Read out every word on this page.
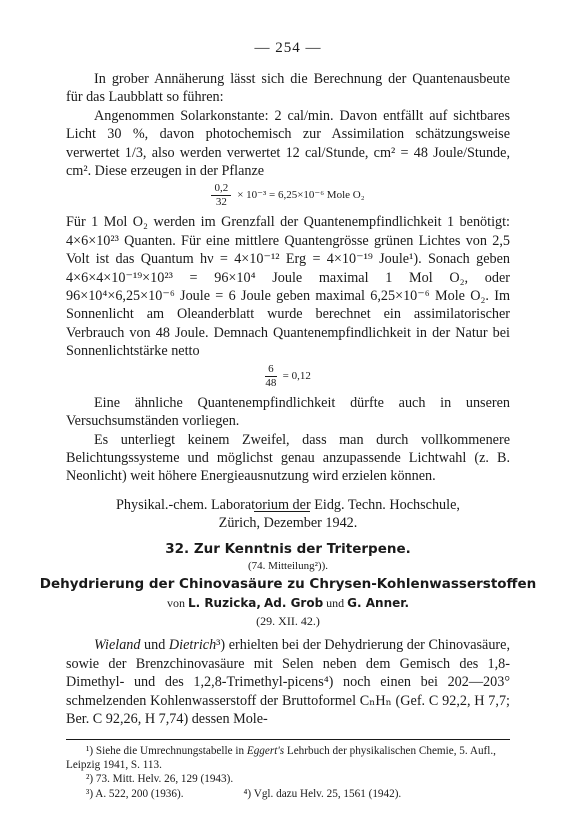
— 254 —

In grober Annäherung lässt sich die Berechnung der Quantenausbeute für das Laubblatt so führen:

Angenommen Solarkonstante: 2 cal/min. Davon entfällt auf sichtbares Licht 30 %, davon photochemisch zur Assimilation schätzungsweise verwertet 1/3, also werden verwertet 12 cal/Stunde, cm² = 48 Joule/Stunde, cm². Diese erzeugen in der Pflanze

$\frac{0,2}{32} \times 10^{-3} = 6,25\times 10^{-6}$ Mole O₂

Für 1 Mol O₂ werden im Grenzfall der Quantenempfindlichkeit 1 benötigt: 4×6×10²³ Quanten. Für eine mittlere Quantengrösse grünen Lichtes von 2,5 Volt ist das Quantum hν = 4×10⁻¹² Erg = 4×10⁻¹⁹ Joule¹). Sonach geben 4×6×4×10⁻¹⁹×10²³ = 96×10⁴ Joule maximal 1 Mol O₂, oder 96×10⁴×6,25×10⁻⁶ Joule = 6 Joule geben maximal 6,25×10⁻⁶ Mole O₂. Im Sonnenlicht am Oleanderblatt wurde berechnet ein assimilatorischer Verbrauch von 48 Joule. Demnach Quantenempfindlichkeit in der Natur bei Sonnenlichtstärke netto

$\frac{6}{48} = 0,12$

Eine ähnliche Quantenempfindlichkeit dürfte auch in unseren Versuchsumständen vorliegen.

Es unterliegt keinem Zweifel, dass man durch vollkommenere Belichtungssysteme und möglichst genau anzupassende Lichtwahl (z. B. Neonlicht) weit höhere Energieausnutzung wird erzielen können.

Physikal.-chem. Laboratorium der Eidg. Techn. Hochschule,
Zürich, Dezember 1942.
32. Zur Kenntnis der Triterpene.
(74. Mitteilung²)).
Dehydrierung der Chinovasäure zu Chrysen-Kohlenwasserstoffen
von L. Ruzicka, Ad. Grob und G. Anner.
(29. XII. 42.)

Wieland und Dietrich³) erhielten bei der Dehydrierung der Chinovasäure, sowie der Brenzchinovasäure mit Selen neben dem Gemisch des 1,8-Dimethyl- und des 1,2,8-Trimethyl-picens⁴) noch einen bei 202—203° schmelzenden Kohlenwasserstoff der Bruttoformel CₙHₙ (Gef. C 92,2, H 7,7; Ber. C 92,26, H 7,74) dessen Mole-

¹) Siehe die Umrechnungstabelle in Eggert's Lehrbuch der physikalischen Chemie, 5. Aufl., Leipzig 1941, S. 113.

²) 73. Mitt. Helv. 26, 129 (1943).

³) A. 522, 200 (1936).	⁴) Vgl. dazu Helv. 25, 1561 (1942).
